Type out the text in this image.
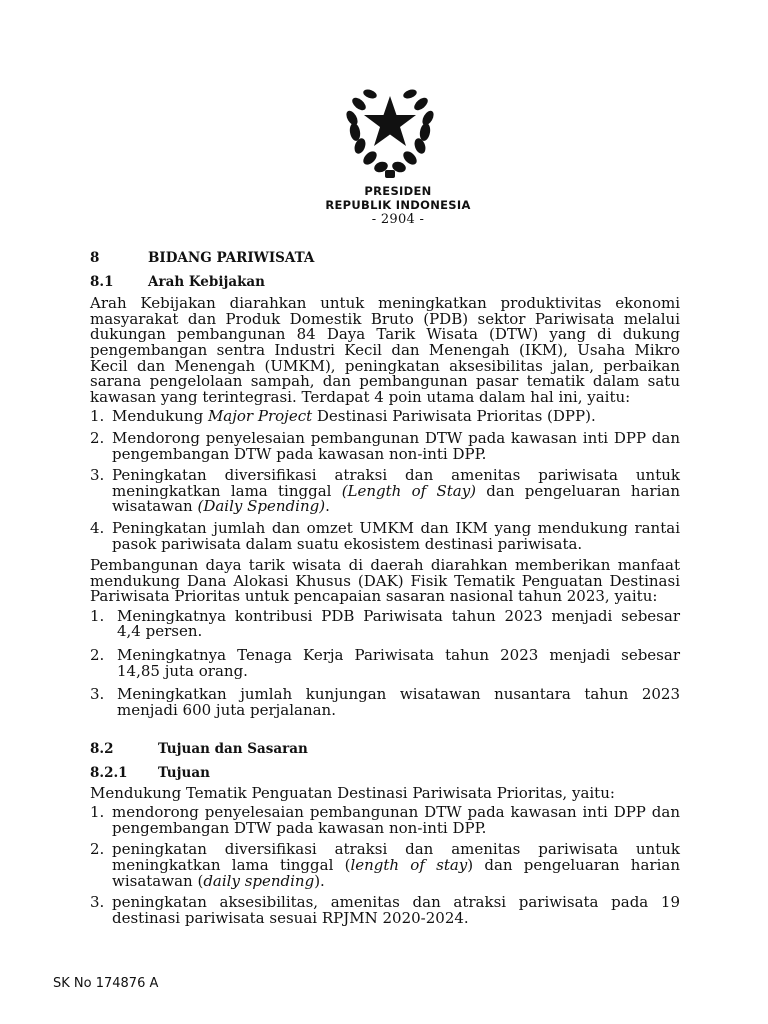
PRESIDEN
REPUBLIK INDONESIA
- 2904 -
8	BIDANG PARIWISATA
8.1	Arah Kebijakan

Arah Kebijakan diarahkan untuk meningkatkan produktivitas ekonomi masyarakat dan Produk Domestik Bruto (PDB) sektor Pariwisata melalui dukungan pembangunan 84 Daya Tarik Wisata (DTW) yang di dukung pengembangan sentra Industri Kecil dan Menengah (IKM), Usaha Mikro Kecil dan Menengah (UMKM), peningkatan aksesibilitas jalan, perbaikan sarana pengelolaan sampah, dan pembangunan pasar tematik dalam satu kawasan yang terintegrasi. Terdapat 4 poin utama dalam hal ini, yaitu:

1. Mendukung Major Project Destinasi Pariwisata Prioritas (DPP).
2. Mendorong penyelesaian pembangunan DTW pada kawasan inti DPP dan pengembangan DTW pada kawasan non-inti DPP.
3. Peningkatan diversifikasi atraksi dan amenitas pariwisata untuk meningkatkan lama tinggal (Length of Stay) dan pengeluaran harian wisatawan (Daily Spending).
4. Peningkatan jumlah dan omzet UMKM dan IKM yang mendukung rantai pasok pariwisata dalam suatu ekosistem destinasi pariwisata.

Pembangunan daya tarik wisata di daerah diarahkan memberikan manfaat mendukung Dana Alokasi Khusus (DAK) Fisik Tematik Penguatan Destinasi Pariwisata Prioritas untuk pencapaian sasaran nasional tahun 2023, yaitu:

1. Meningkatnya kontribusi PDB Pariwisata tahun 2023 menjadi sebesar 4,4 persen.
2. Meningkatnya Tenaga Kerja Pariwisata tahun 2023 menjadi sebesar 14,85 juta orang.
3. Meningkatkan jumlah kunjungan wisatawan nusantara tahun 2023 menjadi 600 juta perjalanan.
8.2	Tujuan dan Sasaran
8.2.1	Tujuan

Mendukung Tematik Penguatan Destinasi Pariwisata Prioritas, yaitu:

1. mendorong penyelesaian pembangunan DTW pada kawasan inti DPP dan pengembangan DTW pada kawasan non-inti DPP.
2. peningkatan diversifikasi atraksi dan amenitas pariwisata untuk meningkatkan lama tinggal (length of stay) dan pengeluaran harian wisatawan (daily spending).
3. peningkatan aksesibilitas, amenitas dan atraksi pariwisata pada 19 destinasi pariwisata sesuai RPJMN 2020-2024.
SK No 174876 A
